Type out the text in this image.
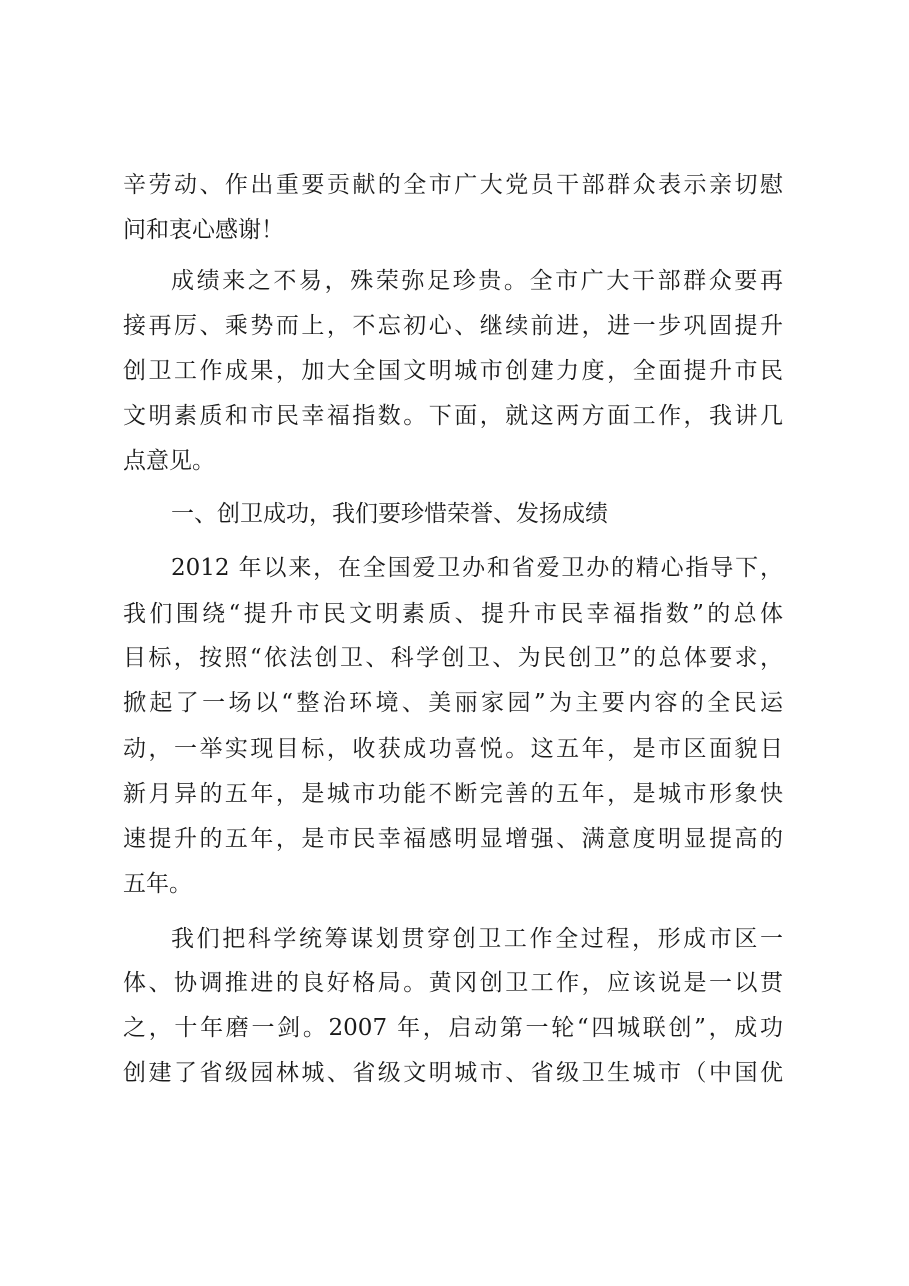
辛劳动、作出重要贡献的全市广大党员干部群众表示亲切慰

问和衷心感谢！

成绩来之不易，殊荣弥足珍贵。全市广大干部群众要再

接再厉、乘势而上，不忘初心、继续前进，进一步巩固提升

创卫工作成果，加大全国文明城市创建力度，全面提升市民

文明素质和市民幸福指数。下面，就这两方面工作，我讲几

点意见。

一、创卫成功，我们要珍惜荣誉、发扬成绩

2012 年以来，在全国爱卫办和省爱卫办的精心指导下，

我们围绕“提升市民文明素质、提升市民幸福指数”的总体

目标，按照“依法创卫、科学创卫、为民创卫”的总体要求，

掀起了一场以“整治环境、美丽家园”为主要内容的全民运

动，一举实现目标，收获成功喜悦。这五年，是市区面貌日

新月异的五年，是城市功能不断完善的五年，是城市形象快

速提升的五年，是市民幸福感明显增强、满意度明显提高的

五年。

我们把科学统筹谋划贯穿创卫工作全过程，形成市区一

体、协调推进的良好格局。黄冈创卫工作，应该说是一以贯

之，十年磨一剑。2007 年，启动第一轮“四城联创”，成功

创建了省级园林城、省级文明城市、省级卫生城市（中国优
